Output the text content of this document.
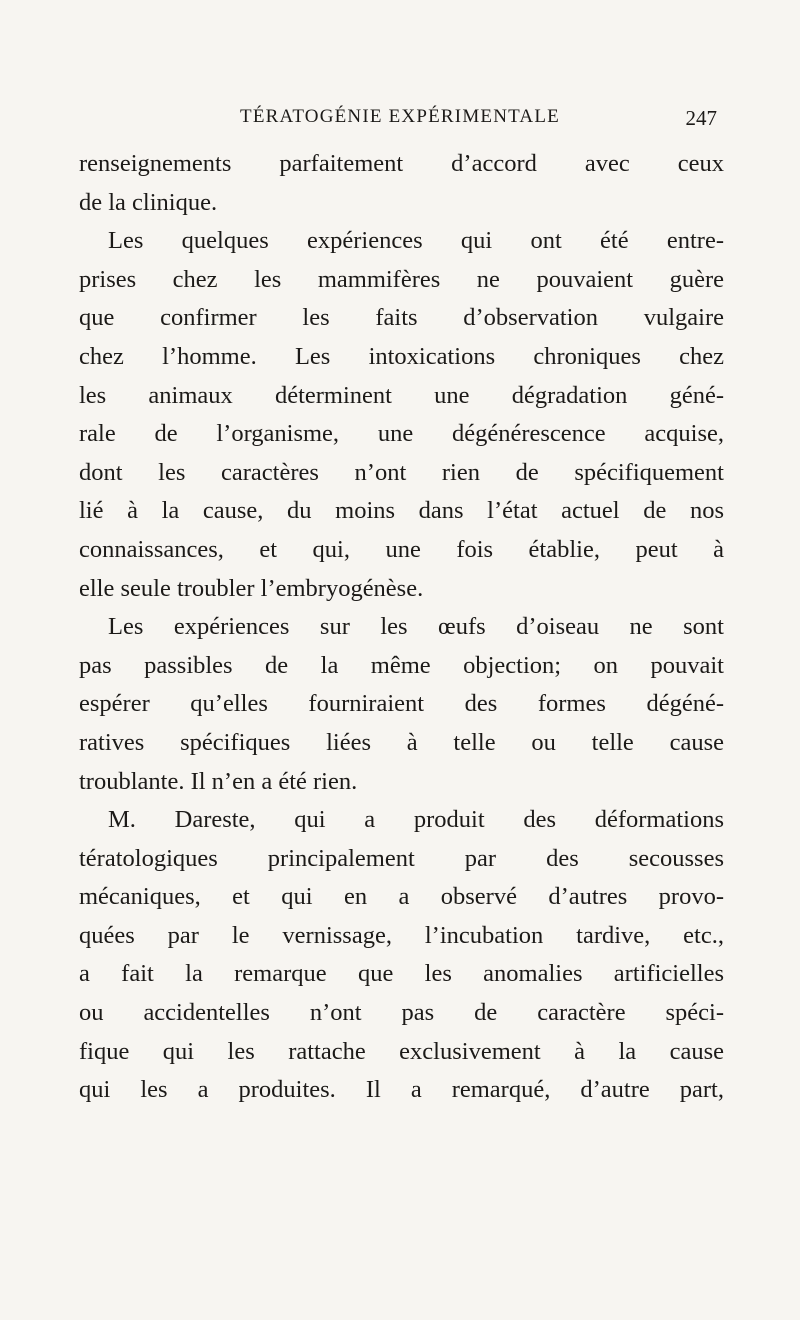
TÉRATOGÉNIE EXPÉRIMENTALE	247
renseignements parfaitement d’accord avec ceux
de la clinique.
Les quelques expériences qui ont été entre-
prises chez les mammifères ne pouvaient guère
que confirmer les faits d’observation vulgaire
chez l’homme. Les intoxications chroniques chez
les animaux déterminent une dégradation géné-
rale de l’organisme, une dégénérescence acquise,
dont les caractères n’ont rien de spécifiquement
lié à la cause, du moins dans l’état actuel de nos
connaissances, et qui, une fois établie, peut à
elle seule troubler l’embryogénèse.
Les expériences sur les œufs d’oiseau ne sont
pas passibles de la même objection; on pouvait
espérer qu’elles fourniraient des formes dégéné-
ratives spécifiques liées à telle ou telle cause
troublante. Il n’en a été rien.
M. Dareste, qui a produit des déformations
tératologiques principalement par des secousses
mécaniques, et qui en a observé d’autres provo-
quées par le vernissage, l’incubation tardive, etc.,
a fait la remarque que les anomalies artificielles
ou accidentelles n’ont pas de caractère spéci-
fique qui les rattache exclusivement à la cause
qui les a produites. Il a remarqué, d’autre part,
